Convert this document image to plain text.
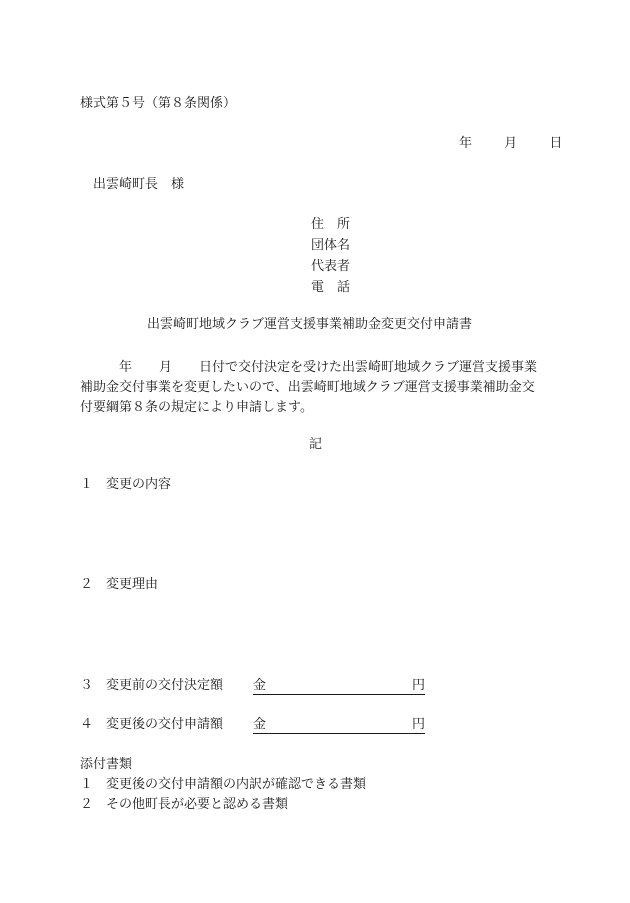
様式第５号（第８条関係）
年 月 日
出雲崎町長　様
住　所
団体名
代表者
電　話
出雲崎町地域クラブ運営支援事業補助金変更交付申請書
年 月 日付で交付決定を受けた出雲崎町地域クラブ運営支援事業
補助金交付事業を変更したいので、出雲崎町地域クラブ運営支援事業補助金交
付要綱第８条の規定により申請します。
記
１ 変更の内容
２ 変更理由
３ 変更前の交付決定額 金	円
４ 変更後の交付申請額 金	円
添付書類
１ 変更後の交付申請額の内訳が確認できる書類
２ その他町長が必要と認める書類
